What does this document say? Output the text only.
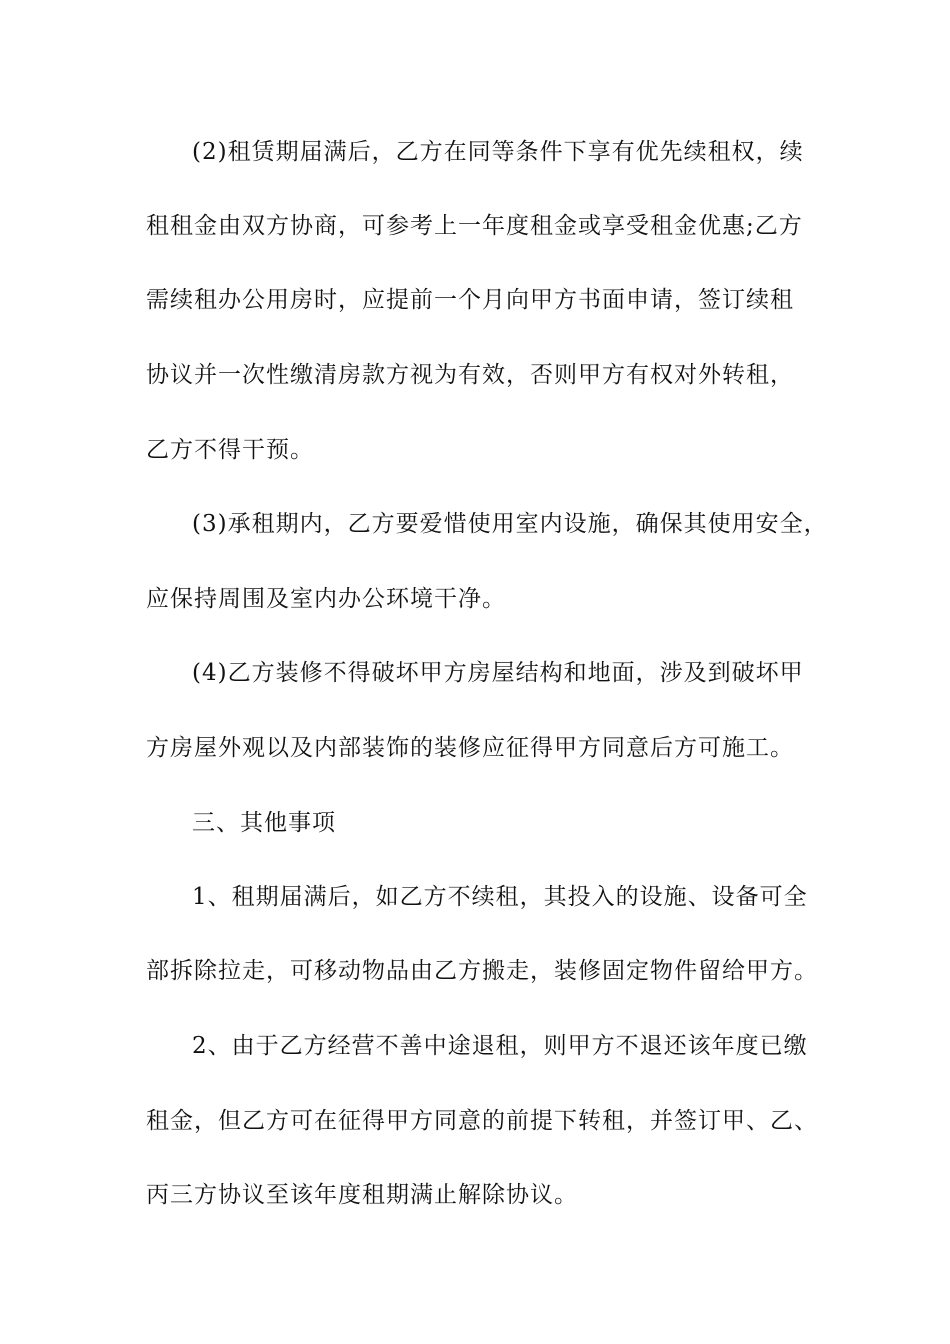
(2)租赁期届满后，乙方在同等条件下享有优先续租权，续
租租金由双方协商，可参考上一年度租金或享受租金优惠;乙方
需续租办公用房时，应提前一个月向甲方书面申请，签订续租
协议并一次性缴清房款方视为有效，否则甲方有权对外转租，
乙方不得干预。
(3)承租期内，乙方要爱惜使用室内设施，确保其使用安全，
应保持周围及室内办公环境干净。
(4)乙方装修不得破坏甲方房屋结构和地面，涉及到破坏甲
方房屋外观以及内部装饰的装修应征得甲方同意后方可施工。
三、其他事项
1、租期届满后，如乙方不续租，其投入的设施、设备可全
部拆除拉走，可移动物品由乙方搬走，装修固定物件留给甲方。
2、由于乙方经营不善中途退租，则甲方不退还该年度已缴
租金，但乙方可在征得甲方同意的前提下转租，并签订甲、乙、
丙三方协议至该年度租期满止解除协议。
